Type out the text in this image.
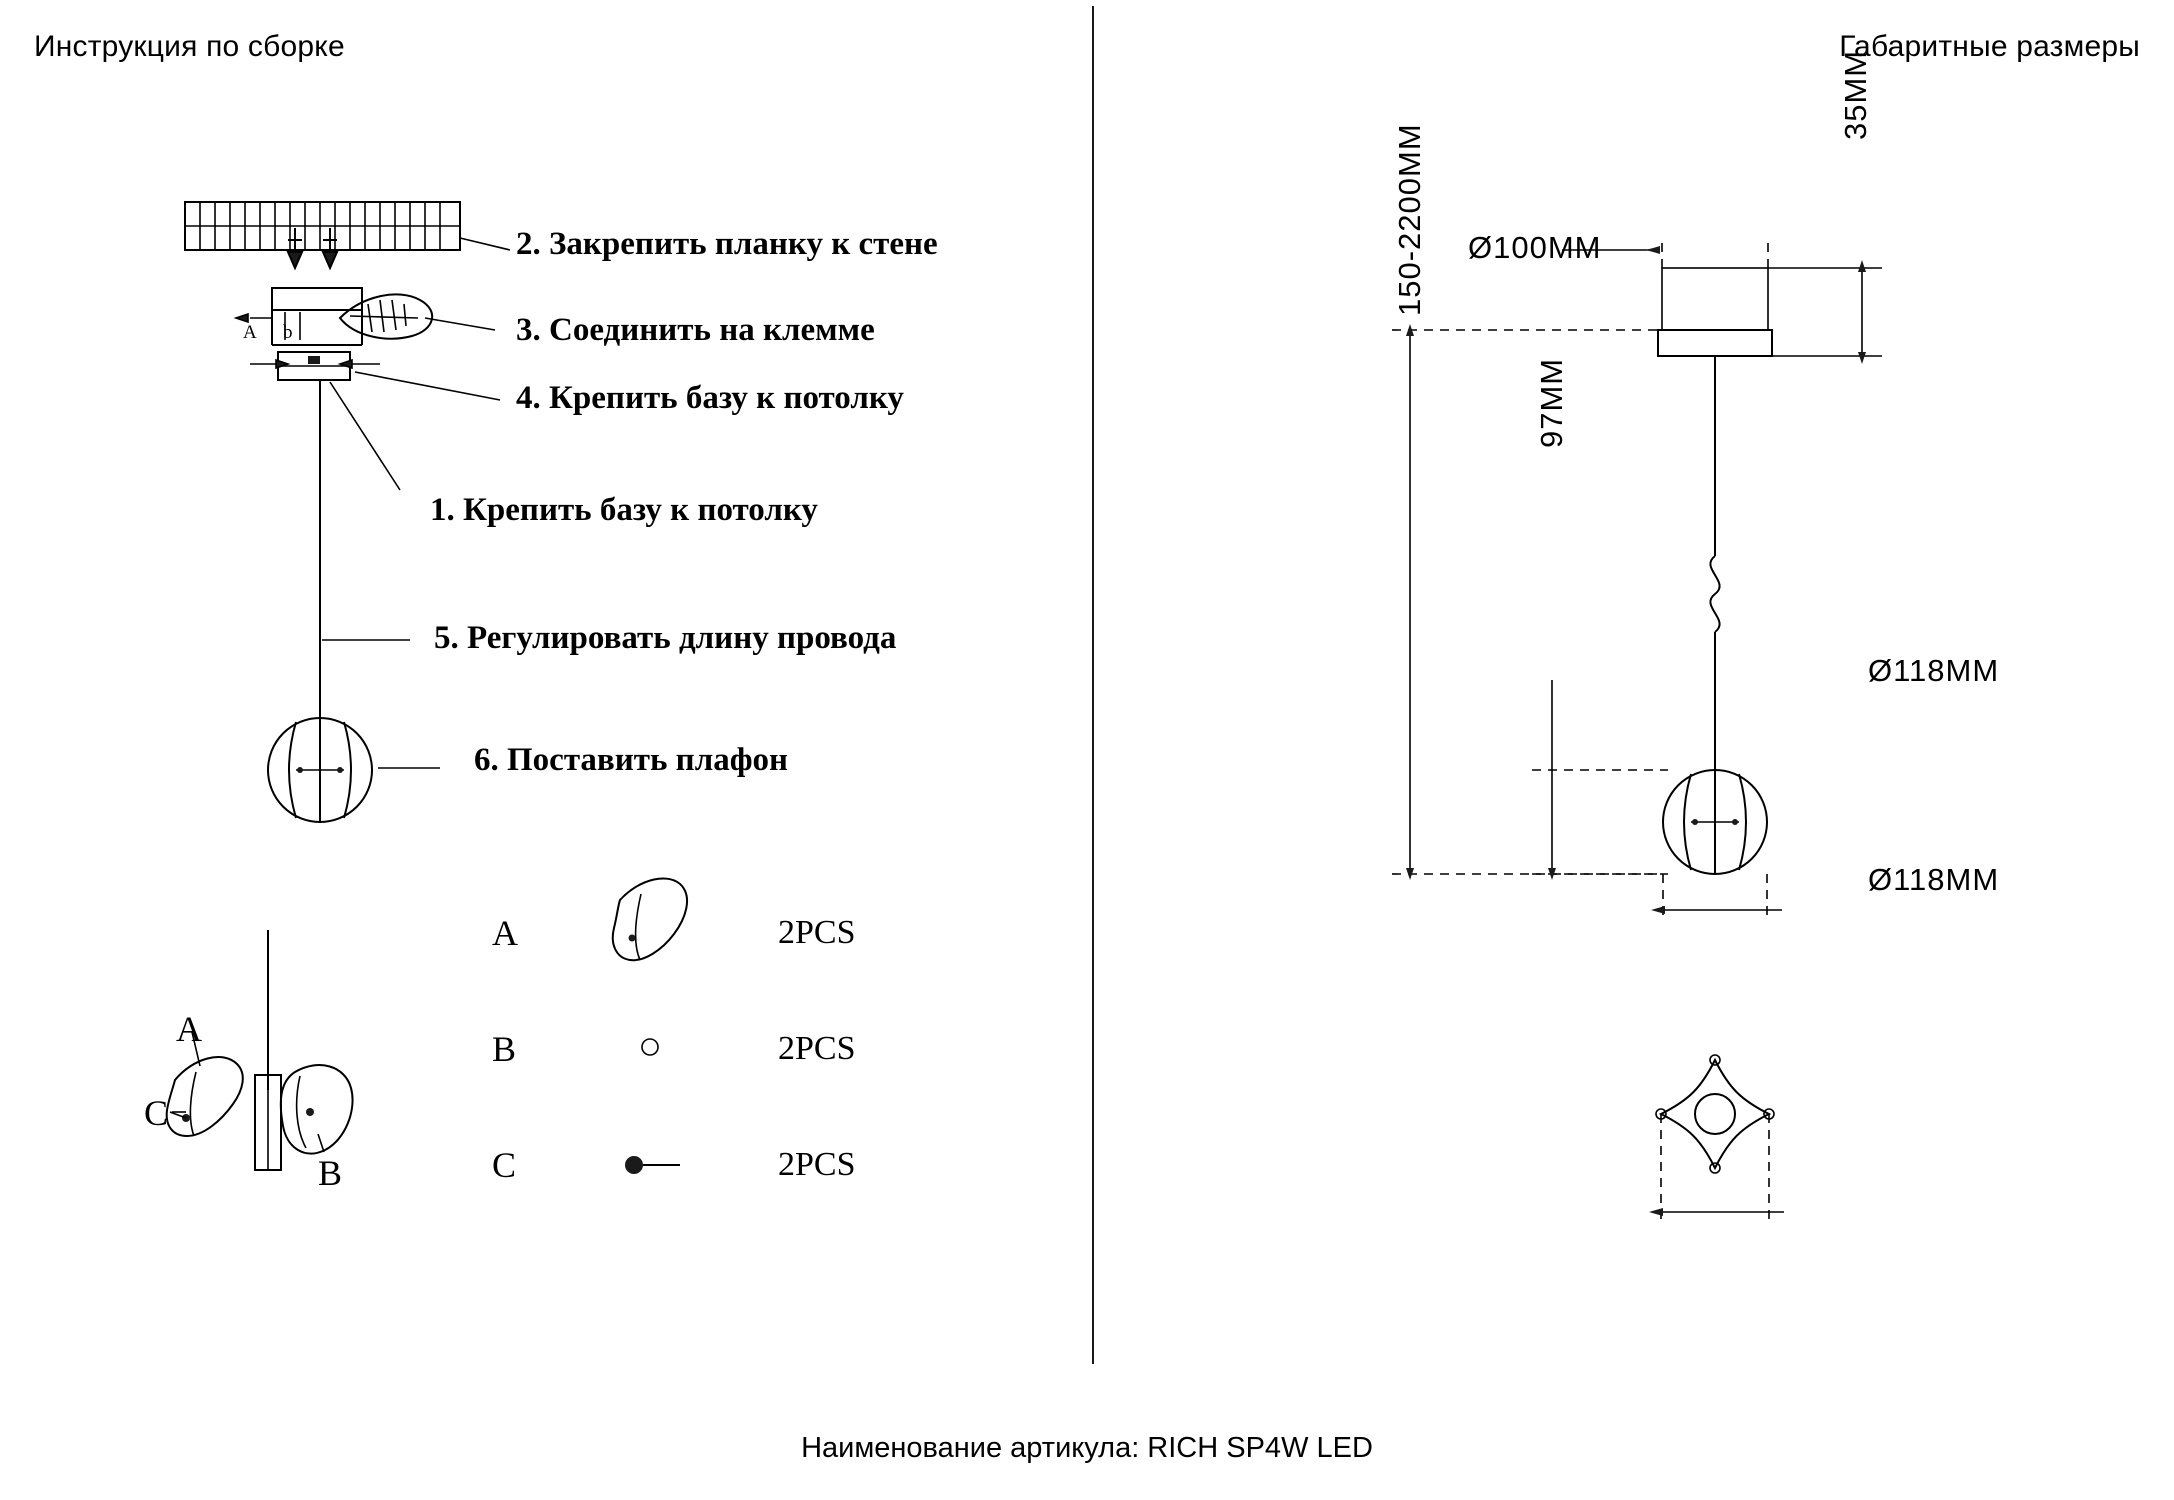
Инструкция по сборке	Габаритные размеры
A b
2. Закрепить планку к стене
3. Соединить на клемме
4. Крепить базу к потолку
1. Крепить базу к потолку
5. Регулировать длину провода
6. Поставить плафон
A
C
B
A	2PCS
B	2PCS
C	2PCS
Ø100MM
35MM
150-2200MM
97MM
Ø118MM
Ø118MM
Наименование артикула: RICH SP4W LED
